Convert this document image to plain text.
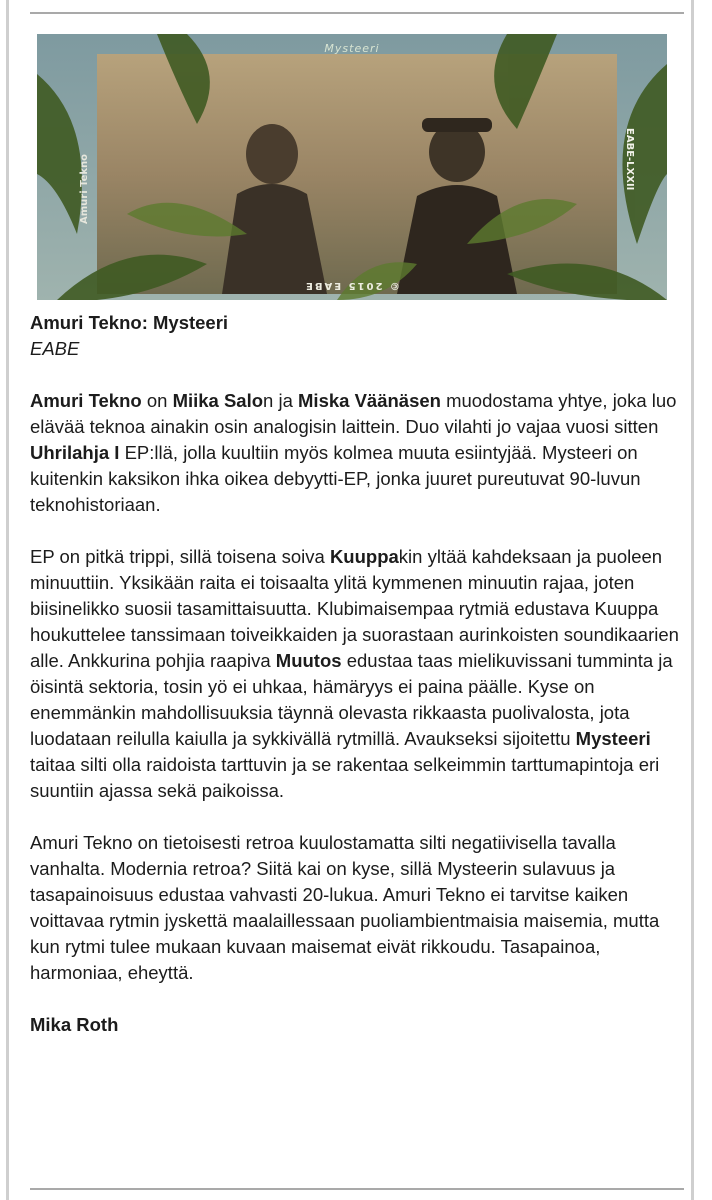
Mysteeri
Amuri Tekno	EABE-LXXII
© 2015 EABE

Amuri Tekno: Mysteeri

EABE

Amuri Tekno on Miika Salon ja Miska Väänäsen muodostama yhtye, joka luo elävää teknoa ainakin osin analogisin laittein. Duo vilahti jo vajaa vuosi sitten Uhrilahja I EP:llä, jolla kuultiin myös kolmea muuta esiintyjää. Mysteeri on kuitenkin kaksikon ihka oikea debyytti-EP, jonka juuret pureutuvat 90-luvun teknohistoriaan.

EP on pitkä trippi, sillä toisena soiva Kuuppakin yltää kahdeksaan ja puoleen minuuttiin. Yksikään raita ei toisaalta ylitä kymmenen minuutin rajaa, joten biisinelikko suosii tasamittaisuutta. Klubimaisempaa rytmiä edustava Kuuppa houkuttelee tanssimaan toiveikkaiden ja suorastaan aurinkoisten soundikaarien alle. Ankkurina pohjia raapiva Muutos edustaa taas mielikuvissani tumminta ja öisintä sektoria, tosin yö ei uhkaa, hämäryys ei paina päälle. Kyse on enemmänkin mahdollisuuksia täynnä olevasta rikkaasta puolivalosta, jota luodataan reilulla kaiulla ja sykkivällä rytmillä. Avaukseksi sijoitettu Mysteeri taitaa silti olla raidoista tarttuvin ja se rakentaa selkeimmin tarttumapintoja eri suuntiin ajassa sekä paikoissa.

Amuri Tekno on tietoisesti retroa kuulostamatta silti negatiivisella tavalla vanhalta. Modernia retroa? Siitä kai on kyse, sillä Mysteerin sulavuus ja tasapainoisuus edustaa vahvasti 20-lukua. Amuri Tekno ei tarvitse kaiken voittavaa rytmin jyskettä maalaillessaan puoliambientmaisia maisemia, mutta kun rytmi tulee mukaan kuvaan maisemat eivät rikkoudu. Tasapainoa, harmoniaa, eheyttä.

Mika Roth
